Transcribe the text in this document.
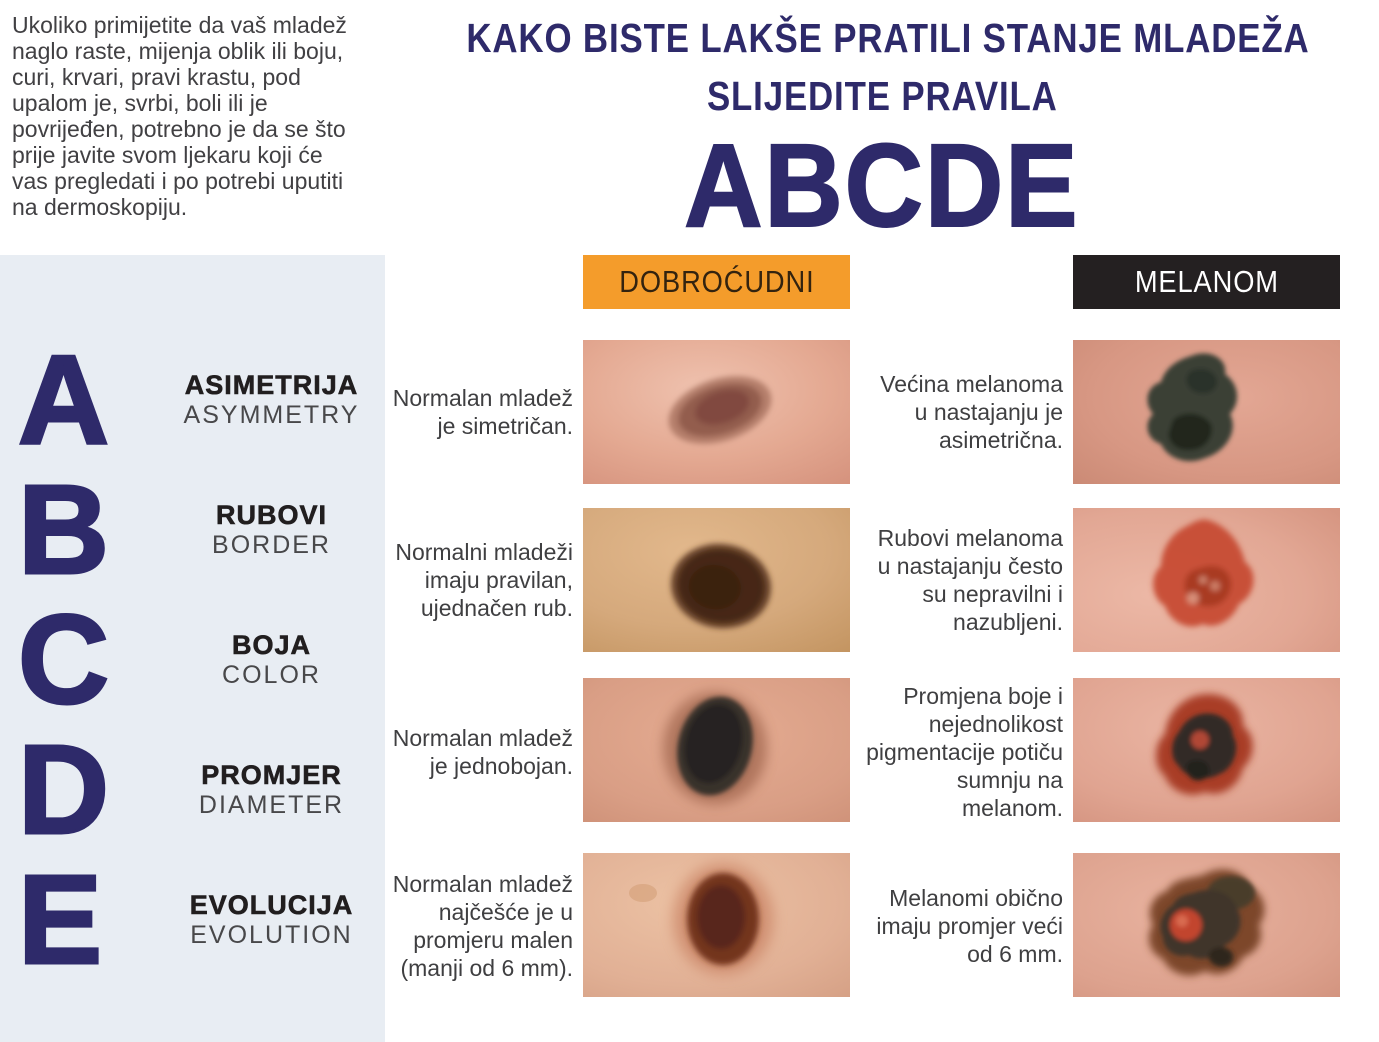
Ukoliko primijetite da vaš mladež naglo raste, mijenja oblik ili boju, curi, krvari, pravi krastu, pod upalom je, svrbi, boli ili je povrijeđen, potrebno je da se što prije javite svom ljekaru koji će vas pregledati i po potrebi uputiti na dermoskopiju.

KAKO BISTE LAKŠE PRATILI STANJE MLADEŽA
SLIJEDITE PRAVILA
ABCDE
A	ASIMETRIJA
ASYMMETRY
B	RUBOVI
BORDER
C	BOJA
COLOR
D	PROMJER
DIAMETER
E	EVOLUCIJA
EVOLUTION
DOBROĆUDNI	MELANOM
Normalan mladež je simetričan.
Većina melanoma u nastajanju je asimetrična.
Normalni mladeži imaju pravilan, ujednačen rub.
Rubovi melanoma u nastajanju često su nepravilni i nazubljeni.
Normalan mladež je jednobojan.
Promjena boje i nejednolikost pigmentacije potiču sumnju na melanom.
Normalan mladež najčešće je u promjeru malen (manji od 6 mm).
Melanomi obično imaju promjer veći od 6 mm.
